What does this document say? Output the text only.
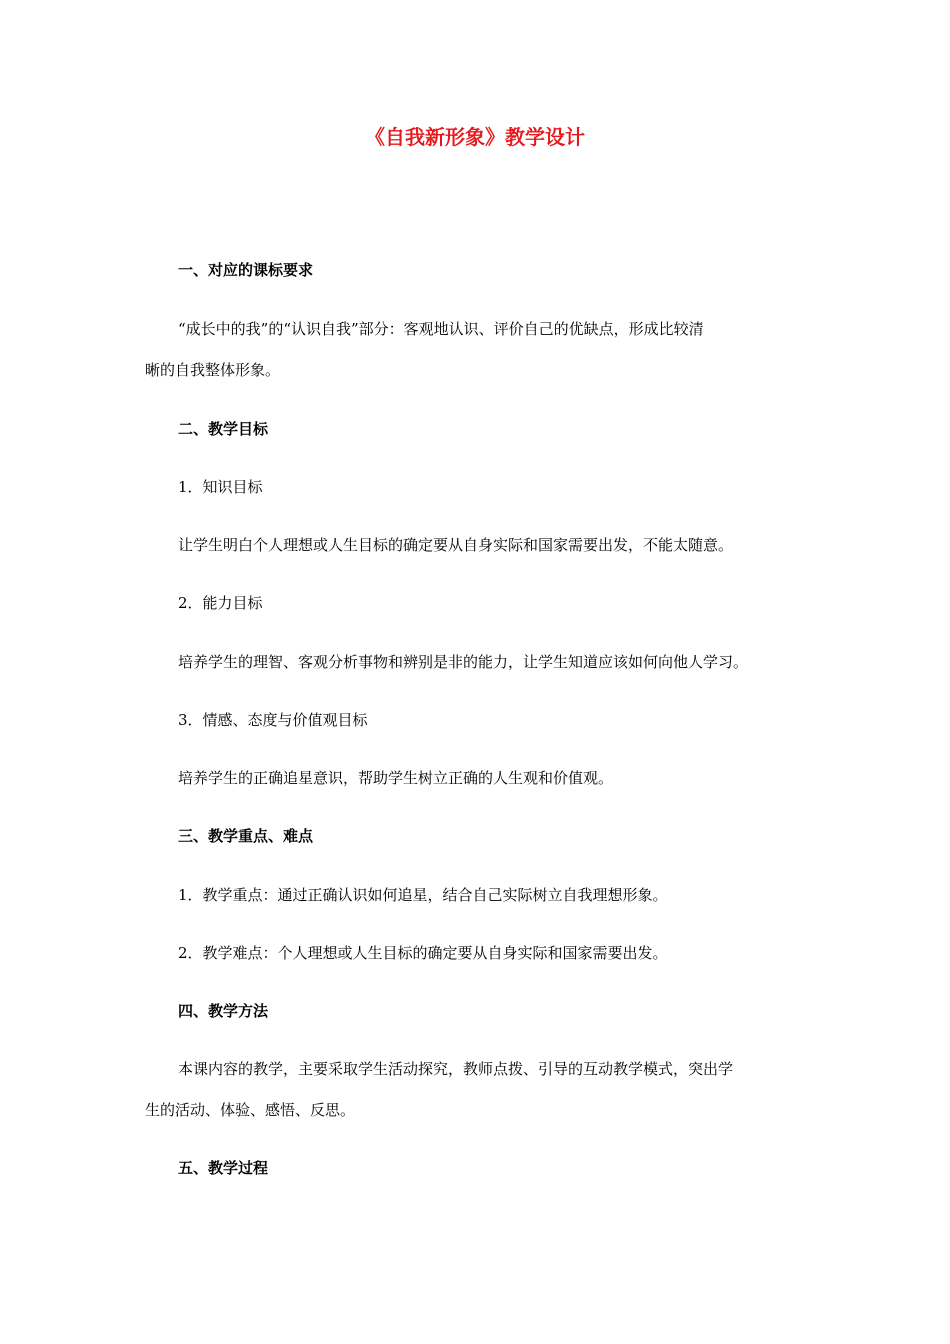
《自我新形象》教学设计
一、对应的课标要求
“成长中的我”的“认识自我”部分：客观地认识、评价自己的优缺点，形成比较清
晰的自我整体形象。
二、教学目标
1．知识目标
让学生明白个人理想或人生目标的确定要从自身实际和国家需要出发，不能太随意。
2．能力目标
培养学生的理智、客观分析事物和辨别是非的能力，让学生知道应该如何向他人学习。
3．情感、态度与价值观目标
培养学生的正确追星意识，帮助学生树立正确的人生观和价值观。
三、教学重点、难点
1．教学重点：通过正确认识如何追星，结合自己实际树立自我理想形象。
2．教学难点：个人理想或人生目标的确定要从自身实际和国家需要出发。
四、教学方法
本课内容的教学，主要采取学生活动探究，教师点拨、引导的互动教学模式，突出学
生的活动、体验、感悟、反思。
五、教学过程
